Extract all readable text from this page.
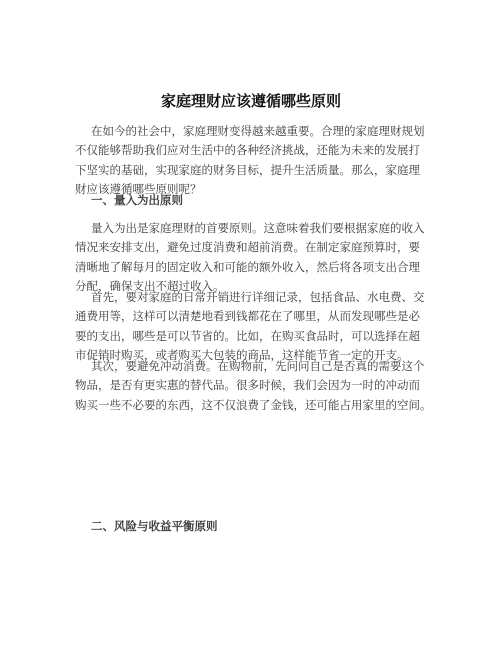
家庭理财应该遵循哪些原则

在如今的社会中，家庭理财变得越来越重要。合理的家庭理财规划
不仅能够帮助我们应对生活中的各种经济挑战，还能为未来的发展打
下坚实的基础，实现家庭的财务目标，提升生活质量。那么，家庭理
财应该遵循哪些原则呢？

一、量入为出原则

量入为出是家庭理财的首要原则。这意味着我们要根据家庭的收入
情况来安排支出，避免过度消费和超前消费。在制定家庭预算时，要
清晰地了解每月的固定收入和可能的额外收入，然后将各项支出合理
分配，确保支出不超过收入。

首先，要对家庭的日常开销进行详细记录，包括食品、水电费、交
通费用等，这样可以清楚地看到钱都花在了哪里，从而发现哪些是必
要的支出，哪些是可以节省的。比如，在购买食品时，可以选择在超
市促销时购买，或者购买大包装的商品，这样能节省一定的开支。

其次，要避免冲动消费。在购物前，先问问自己是否真的需要这个
物品，是否有更实惠的替代品。很多时候，我们会因为一时的冲动而
购买一些不必要的东西，这不仅浪费了金钱，还可能占用家里的空间。

二、风险与收益平衡原则
